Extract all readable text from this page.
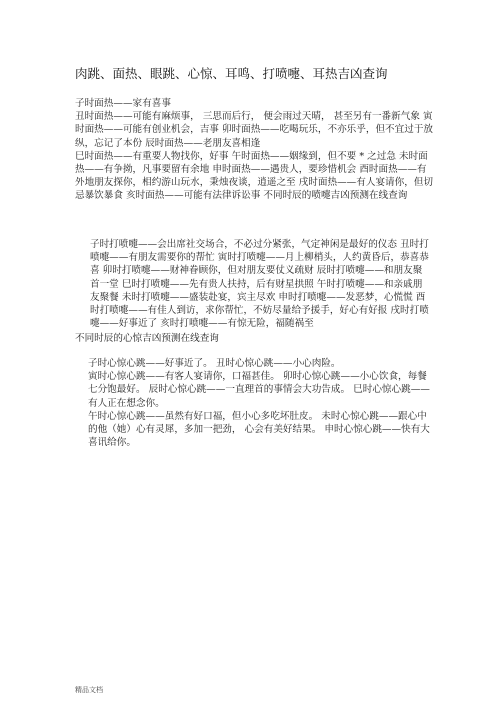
肉跳、面热、眼跳、心惊、耳鸣、打喷嚏、耳热吉凶查询

子时面热——家有喜事

丑时面热——可能有麻烦事， 三思而后行， 便会雨过天晴， 甚至另有一番新气象 寅时面热——可能有创业机会，吉事 卯时面热——吃喝玩乐，不亦乐乎，但不宜过于放纵，忘记了本份 辰时面热——老朋友喜相逢

巳时面热——有重要人物找你，好事 午时面热——姻缘到，但不要 * 之过急 未时面热——有争拗，凡事要留有余地 申时面热——遇贵人，要珍惜机会 酉时面热——有外地朋友探你，相约游山玩水，秉烛夜谈，逍遥之至 戌时面热——有人宴请你，但切忌暴饮暴食 亥时面热——可能有法律诉讼事 不同时辰的喷嚏吉凶预测在线查询

子时打喷嚏——会出席社交场合，不必过分紧张，气定神闲是最好的仪态 丑时打喷嚏——有朋友需要你的帮忙 寅时打喷嚏——月上柳梢头，人约黄昏后，恭喜恭喜 卯时打喷嚏——财神眷顾你，但对朋友要仗义疏财 辰时打喷嚏——和朋友聚首一堂 巳时打喷嚏——先有贵人扶持，后有财星拱照 午时打喷嚏——和亲戚朋友聚餐 未时打喷嚏——盛装赴宴，宾主尽欢 申时打喷嚏——发恶梦，心慌慌 酉时打喷嚏——有佳人到访，求你帮忙，不妨尽量给予援手，好心有好报 戌时打喷嚏——好事近了 亥时打喷嚏——有惊无险，福随祸至

不同时辰的心惊吉凶预测在线查询

子时心惊心跳——好事近了。 丑时心惊心跳——小心肉险。

寅时心惊心跳——有客人宴请你，口福甚佳。 卯时心惊心跳——小心饮食，每餐七分饱最好。 辰时心惊心跳——一直理首的事情会大功告成。 巳时心惊心跳——有人正在想念你。

午时心惊心跳——虽然有好口福，但小心多吃坏肚皮。 未时心惊心跳——跟心中的他（她）心有灵犀，多加一把劲， 心会有美好结果。 申时心惊心跳——快有大喜讯给你。

精品文档
